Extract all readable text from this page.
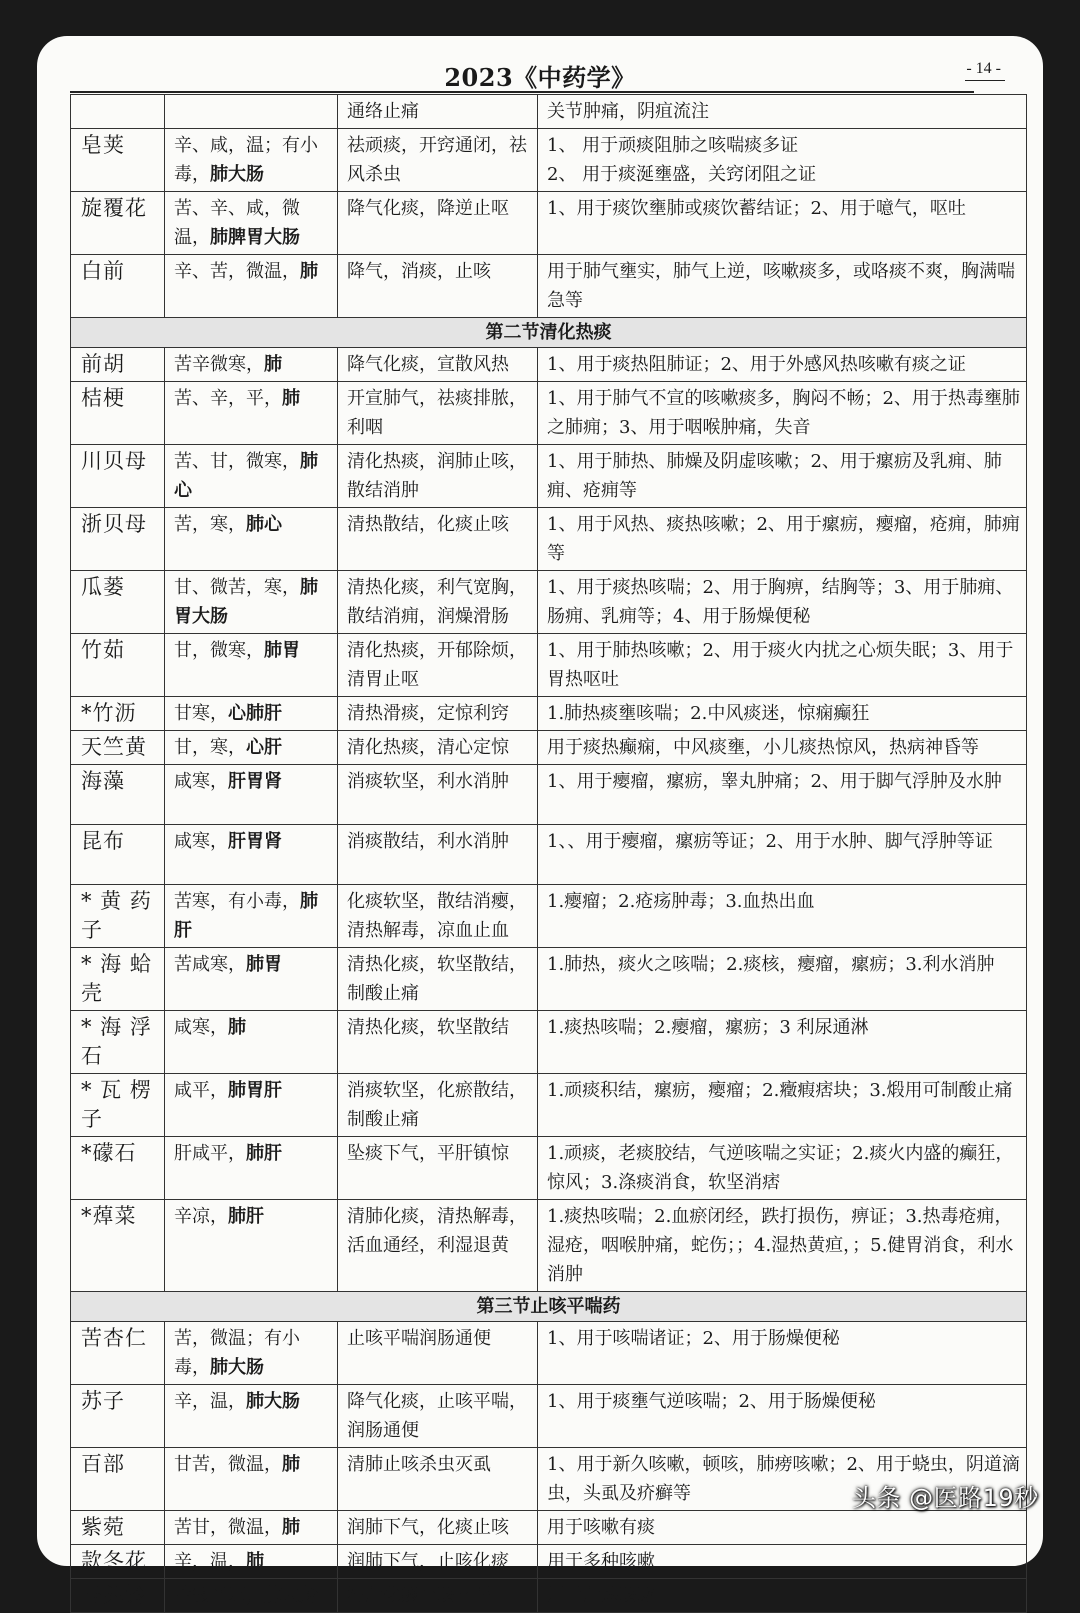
2023《中药学》	- 14 -
		通络止痛	关节肿痛，阴疽流注
皂荚	辛、咸，温；有小毒，肺大肠	祛顽痰，开窍通闭，祛风杀虫	1、 用于顽痰阻肺之咳喘痰多证
2、 用于痰涎壅盛，关窍闭阻之证
旋覆花	苦、辛、咸，微温，肺脾胃大肠	降气化痰，降逆止呕	1、用于痰饮壅肺或痰饮蓄结证；2、用于噫气，呕吐
白前	辛、苦，微温，肺	降气，消痰，止咳	用于肺气壅实，肺气上逆，咳嗽痰多，或咯痰不爽，胸满喘急等
第二节清化热痰			
前胡	苦辛微寒，肺	降气化痰，宣散风热	1、用于痰热阻肺证；2、用于外感风热咳嗽有痰之证
桔梗	苦、辛，平，肺	开宣肺气，祛痰排脓，利咽	1、用于肺气不宣的咳嗽痰多，胸闷不畅；2、用于热毒壅肺之肺痈；3、用于咽喉肿痛，失音
川贝母	苦、甘，微寒，肺心	清化热痰，润肺止咳，散结消肿	1、用于肺热、肺燥及阴虚咳嗽；2、用于瘰疬及乳痈、肺痈、疮痈等
浙贝母	苦，寒，肺心	清热散结，化痰止咳	1、用于风热、痰热咳嗽；2、用于瘰疬，瘿瘤，疮痈，肺痈等
瓜蒌	甘、微苦，寒，肺胃大肠	清热化痰，利气宽胸，散结消痈，润燥滑肠	1、用于痰热咳喘；2、用于胸痹，结胸等；3、用于肺痈、肠痈、乳痈等；4、用于肠燥便秘
竹茹	甘，微寒，肺胃	清化热痰，开郁除烦，清胃止呕	1、用于肺热咳嗽；2、用于痰火内扰之心烦失眠；3、用于胃热呕吐
*竹沥	甘寒，心肺肝	清热滑痰，定惊利窍	1.肺热痰壅咳喘；2.中风痰迷，惊痫癫狂
天竺黄	甘，寒，心肝	清化热痰，清心定惊	用于痰热癫痫，中风痰壅，小儿痰热惊风，热病神昏等
海藻	咸寒，肝胃肾	消痰软坚，利水消肿	1、用于瘿瘤，瘰疬，睾丸肿痛；2、用于脚气浮肿及水肿
昆布	咸寒，肝胃肾	消痰散结，利水消肿	1、、用于瘿瘤，瘰疬等证；2、用于水肿、脚气浮肿等证
* 黄 药子	苦寒，有小毒，肺肝	化痰软坚，散结消瘿，清热解毒，凉血止血	1.瘿瘤；2.疮疡肿毒；3.血热出血
* 海 蛤壳	苦咸寒，肺胃	清热化痰，软坚散结，制酸止痛	1.肺热，痰火之咳喘；2.痰核，瘿瘤，瘰疬；3.利水消肿
* 海 浮石	咸寒，肺	清热化痰，软坚散结	1.痰热咳喘；2.瘿瘤，瘰疬；3 利尿通淋
* 瓦 楞子	咸平，肺胃肝	消痰软坚，化瘀散结，制酸止痛	1.顽痰积结，瘰疬，瘿瘤；2.癥瘕痞块；3.煅用可制酸止痛
*礞石	肝咸平，肺肝	坠痰下气，平肝镇惊	1.顽痰，老痰胶结，气逆咳喘之实证；2.痰火内盛的癫狂，惊风；3.涤痰消食，软坚消痞
*蔊菜	辛凉，肺肝	清肺化痰，清热解毒，活血通经，利湿退黄	1.痰热咳喘；2.血瘀闭经，跌打损伤，痹证；3.热毒疮痈，湿疮，咽喉肿痛，蛇伤；；4.湿热黄疸，；5.健胃消食，利水消肿
第三节止咳平喘药			
苦杏仁	苦，微温；有小毒，肺大肠	止咳平喘润肠通便	1、用于咳喘诸证；2、用于肠燥便秘
苏子	辛，温，肺大肠	降气化痰，止咳平喘，润肠通便	1、用于痰壅气逆咳喘；2、用于肠燥便秘
百部	甘苦，微温，肺	清肺止咳杀虫灭虱	1、用于新久咳嗽，顿咳，肺痨咳嗽；2、用于蛲虫，阴道滴虫，头虱及疥癣等
紫菀	苦甘，微温，肺	润肺下气，化痰止咳	用于咳嗽有痰
款冬花	辛，温，肺	润肺下气，止咳化痰	用于多种咳嗽
马兜铃	苦微辛寒，肺大肠	清肺化痰止咳平喘	用于肺热咳嗽
头条 @医路19秒
